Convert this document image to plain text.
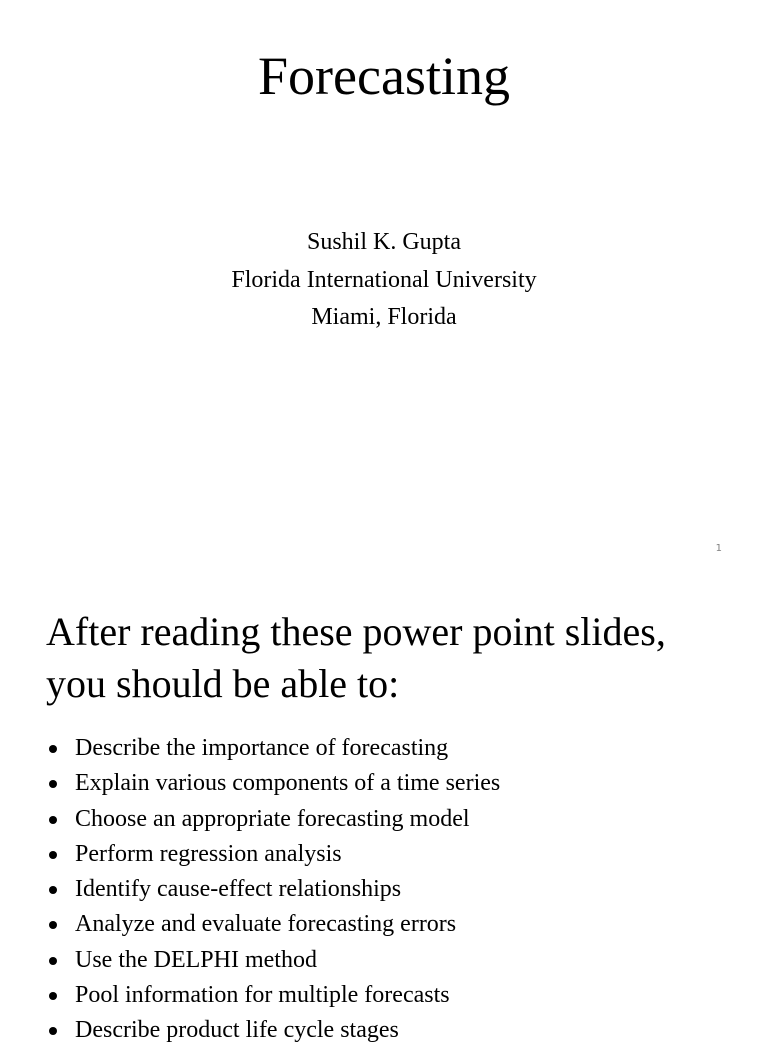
Forecasting
Sushil K. Gupta
Florida International University
Miami, Florida
1
After reading these power point slides,
you should be able to:
Describe the importance of forecasting
Explain various components of a time series
Choose an appropriate forecasting model
Perform regression analysis
Identify cause-effect relationships
Analyze and evaluate forecasting errors
Use the DELPHI method
Pool information for multiple forecasts
Describe product life cycle stages
